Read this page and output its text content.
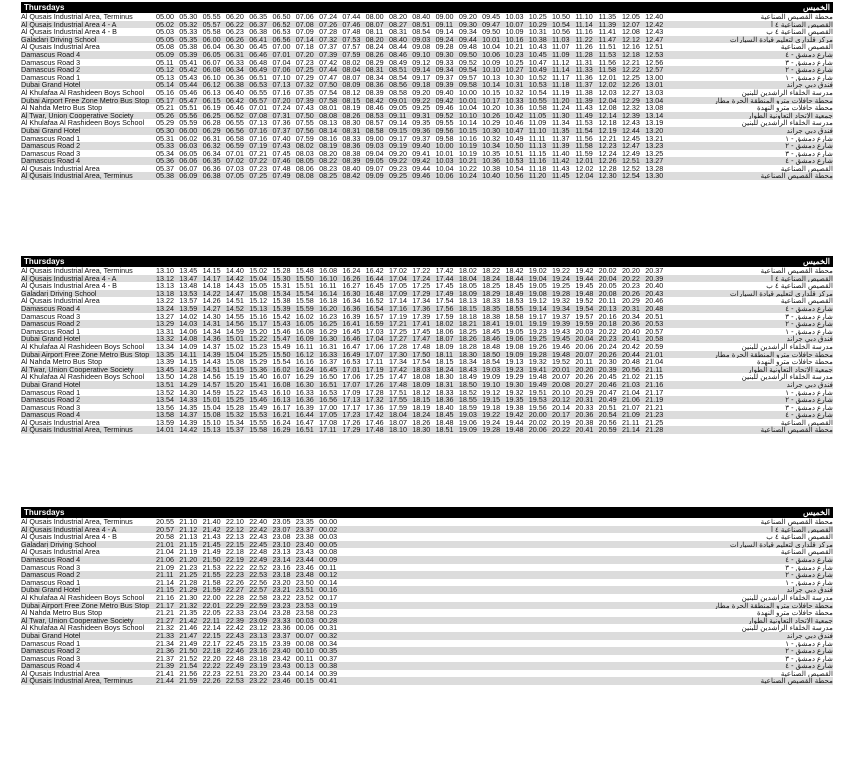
Thursdays	الخميس
Al Qusais Industrial Area, Terminus	05.00 05.30 05.55 06.20 06.35 06.50 07.06 07.24 07.44 08.00 08.20 08.40 09.00 09.20 09.45 10.03 10.25 10.50 11.10 11.35 12.05 12.40	محطة القصيص الصناعية
Al Qusais Industrial Area 4 - A	05.02 05.32 05.57 06.22 06.37 06.52 07.08 07.26 07.46 08.07 08.27 08.51 09.11 09.30 09.47 10.07 10.29 10.54 11.14 11.39 12.07 12.42	القصيص الصناعية ٤ أ
Al Qusais Industrial Area 4 - B	05.03 05.33 05.58 06.23 06.38 06.53 07.09 07.28 07.48 08.11 08.31 08.54 09.14 09.34 09.50 10.09 10.31 10.56 11.16 11.41 12.08 12.43	القصيص الصناعية ٤ ب
Galadari Driving School	05.05 05.35 06.00 06.26 06.41 06.56 07.14 07.32 07.53 08.20 08.40 09.03 09.24 09.44 10.01 10.16 10.38 11.03 11.22 11.47 12.12 12.47	مركز قلداري لتعليم قيادة السيارات
Al Qusais Industrial Area	05.08 05.38 06.04 06.30 06.45 07.00 07.18 07.37 07.57 08.24 08.44 09.08 09.28 09.48 10.04 10.21 10.43 11.07 11.26 11.51 12.16 12.51	القصيص الصناعية
Damascus Road 4	05.09 05.39 06.05 06.31 06.46 07.01 07.20 07.39 07.59 08.26 08.46 09.10 09.30 09.50 10.06 10.23 10.45 11.09 11.28 11.53 12.18 12.53	شارع دمشق - ٤
Damascus Road 3	05.11 05.41 06.07 06.33 06.48 07.04 07.23 07.42 08.02 08.29 08.49 09.12 09.33 09.52 10.09 10.25 10.47 11.12 11.31 11.56 12.21 12.56	شارع دمشق - ٣
Damascus Road 2	05.12 05.42 06.08 06.34 06.49 07.06 07.25 07.44 08.04 08.31 08.51 09.14 09.34 09.54 10.10 10.27 10.49 11.14 11.33 11.58 12.22 12.57	شارع دمشق - ٢
Damascus Road 1	05.13 05.43 06.10 06.36 06.51 07.10 07.29 07.47 08.07 08.34 08.54 09.17 09.37 09.57 10.13 10.30 10.52 11.17 11.36 12.01 12.25 13.00	شارع دمشق - ١
Dubai Grand Hotel	05.14 05.44 06.12 06.38 06.53 07.13 07.32 07.50 08.09 08.36 08.56 09.18 09.39 09.58 10.14 10.31 10.53 11.18 11.37 12.02 12.26 13.01	فندق دبي جراند
Al Khulafaa Al Rashideen Boys School	05.16 05.46 06.13 06.40 06.55 07.16 07.35 07.54 08.12 08.39 08.58 09.20 09.40 10.00 10.15 10.32 10.54 11.19 11.38 12.03 12.27 13.03	مدرسة الخلفاء الراشدين للبنين
Dubai Airport Free Zone Metro Bus Stop 05.17 05.47 06.15 06.42 06.57 07.20 07.39 07.58 08.15 08.42 09.01 09.22 09.42 10.01 10.17 10.33 10.55 11.20 11.39 12.04 12.29 13.04	محطة حافلات مترو المنطقة الحرة مطار
Al Nahda Metro Bus Stop	05.21 05.51 06.19 06.46 07.01 07.24 07.43 08.01 08.19 08.46 09.05 09.25 09.46 10.04 10.20 10.36 10.58 11.24 11.43 12.08 12.32 13.08	محطة حافلات مترو النهدة
Al Twar, Union Cooperative Society	05.26 05.56 06.25 06.52 07.08 07.31 07.50 08.08 08.26 08.53 09.11 09.31 09.52 10.10 10.26 10.42 11.05 11.30 11.49 12.14 12.39 13.14	جمعية الاتحاد التعاونية الطوار
Al Khulafaa Al Rashideen Boys School	05.29 05.59 06.28 06.55 07.13 07.36 07.55 08.13 08.30 08.57 09.14 09.35 09.55 10.14 10.29 10.46 11.09 11.34 11.53 12.18 12.43 13.19	مدرسة الخلفاء الراشدين للبنين
Dubai Grand Hotel	05.30 06.00 06.29 06.56 07.16 07.37 07.56 08.14 08.31 08.58 09.15 09.36 09.56 10.15 10.30 10.47 11.10 11.35 11.54 12.19 12.44 13.20	فندق دبي جراند
Damascus Road 1	05.31 06.02 06.31 06.58 07.16 07.40 07.59 08.16 08.33 09.00 09.17 09.37 09.58 10.16 10.32 10.49 11.11 11.37 11.56 12.21 12.45 13.21	شارع دمشق - ١
Damascus Road 2	05.33 06.03 06.32 06.59 07.19 07.43 08.02 08.19 08.36 09.03 09.19 09.40 10.00 10.19 10.34 10.50 11.13 11.39 11.58 12.23 12.47 13.23	شارع دمشق - ٢
Damascus Road 3	05.34 06.05 06.34 07.01 07.21 07.45 08.03 08.20 08.38 09.04 09.20 09.41 10.01 10.19 10.35 10.51 11.15 11.40 11.59 12.24 12.49 13.25	شارع دمشق - ٣
Damascus Road 4	05.36 06.06 06.35 07.02 07.22 07.46 08.05 08.22 08.39 09.05 09.22 09.42 10.03 10.21 10.36 10.53 11.16 11.42 12.01 12.26 12.51 13.27	شارع دمشق - ٤
Al Qusais Industrial Area	05.37 06.07 06.36 07.03 07.23 07.48 08.06 08.23 08.40 09.07 09.23 09.44 10.04 10.22 10.38 10.54 11.18 11.43 12.02 12.28 12.52 13.28	القصيص الصناعية
Al Qusais Industrial Area, Terminus	05.38 06.09 06.38 07.05 07.25 07.49 08.08 08.25 08.42 09.09 09.25 09.46 10.06 10.24 10.40 10.56 11.20 11.45 12.04 12.30 12.54 13.30	محطة القصيص الصناعية
Thursdays	الخميس
Al Qusais Industrial Area, Terminus	13.10 13.45 14.15 14.40 15.02 15.28 15.48 16.08 16.24 16.42 17.02 17.22 17.42 18.02 18.22 18.42 19.02 19.22 19.42 20.02 20.20 20.37	محطة القصيص الصناعية
Al Qusais Industrial Area 4 - A	13.12 13.47 14.17 14.42 15.04 15.30 15.50 16.10 16.26 16.44 17.04 17.24 17.44 18.04 18.24 18.44 19.04 19.24 19.44 20.04 20.22 20.39	القصيص الصناعية ٤ أ
Al Qusais Industrial Area 4 - B	13.13 13.48 14.18 14.43 15.05 15.31 15.51 16.11 16.27 16.45 17.05 17.25 17.45 18.05 18.25 18.45 19.05 19.25 19.45 20.05 20.23 20.40	القصيص الصناعية ٤ ب
Galadari Driving School	13.18 13.53 14.22 14.47 15.08 15.34 15.54 16.14 16.30 16.48 17.09 17.29 17.49 18.09 18.29 18.49 19.08 19.28 19.48 20.08 20.26 20.43	مركز قلداري لتعليم قيادة السيارات
Al Qusais Industrial Area	13.22 13.57 14.26 14.51 15.12 15.38 15.58 16.18 16.34 16.52 17.14 17.34 17.54 18.13 18.33 18.53 19.12 19.32 19.52 20.11 20.29 20.46	القصيص الصناعية
Damascus Road 4	13.24 13.59 14.27 14.52 15.13 15.39 15.59 16.20 16.36 16.54 17.16 17.36 17.56 18.15 18.35 18.55 19.14 19.34 19.54 20.13 20.31 20.48	شارع دمشق - ٤
Damascus Road 3	13.27 14.02 14.30 14.55 15.16 15.42 16.02 16.23 16.39 16.57 17.19 17.39 17.59 18.18 18.38 18.58 19.17 19.37 19.57 20.16 20.34 20.51	شارع دمشق - ٣
Damascus Road 2	13.29 14.03 14.31 14.56 15.17 15.43 16.05 16.25 16.41 16.59 17.21 17.41 18.02 18.21 18.41 19.01 19.19 19.39 19.59 20.18 20.36 20.53	شارع دمشق - ٢
Damascus Road 1	13.31 14.06 14.34 14.59 15.20 15.46 16.08 16.29 16.45 17.03 17.25 17.45 18.06 18.25 18.45 19.05 19.23 19.43 20.03 20.22 20.40 20.57	شارع دمشق - ١
Dubai Grand Hotel	13.32 14.08 14.36 15.01 15.22 15.47 16.09 16.30 16.46 17.04 17.27 17.47 18.07 18.26 18.46 19.06 19.25 19.45 20.04 20.23 20.41 20.58	فندق دبي جراند
Al Khulafaa Al Rashideen Boys School	13.34 14.09 14.37 15.02 15.23 15.49 16.11 16.31 16.47 17.06 17.28 17.48 18.09 18.28 18.48 19.08 19.26 19.46 20.06 20.24 20.42 20.59	مدرسة الخلفاء الراشدين للبنين
Dubai Airport Free Zone Metro Bus Stop 13.35 14.11 14.39 15.04 15.25 15.50 16.12 16.33 16.49 17.07 17.30 17.50 18.11 18.30 18.50 19.09 19.28 19.48 20.07 20.26 20.44 21.01	محطة حافلات مترو المنطقة الحرة مطار
Al Nahda Metro Bus Stop	13.39 14.15 14.43 15.08 15.29 15.54 16.16 16.37 16.53 17.11 17.34 17.54 18.15 18.34 18.54 19.13 19.32 19.52 20.11 20.30 20.48 21.04	محطة حافلات مترو النهدة
Al Twar, Union Cooperative Society	13.45 14.23 14.51 15.15 15.36 16.02 16.24 16.45 17.01 17.19 17.42 18.03 18.24 18.43 19.03 19.23 19.41 20.01 20.20 20.39 20.56 21.11	جمعية الاتحاد التعاونية الطوار
Al Khulafaa Al Rashideen Boys School	13.50 14.28 14.56 15.19 15.40 16.07 16.29 16.50 17.06 17.25 17.47 18.08 18.30 18.49 19.09 19.29 19.48 20.07 20.26 20.45 21.02 21.15	مدرسة الخلفاء الراشدين للبنين
Dubai Grand Hotel	13.51 14.29 14.57 15.20 15.41 16.08 16.30 16.51 17.07 17.26 17.48 18.09 18.31 18.50 19.10 19.30 19.49 20.08 20.27 20.46 21.03 21.16	فندق دبي جراند
Damascus Road 1	13.52 14.30 14.59 15.22 15.43 16.10 16.33 16.53 17.09 17.28 17.51 18.12 18.33 18.52 19.12 19.32 19.51 20.10 20.29 20.47 21.04 21.17	شارع دمشق - ١
Damascus Road 2	13.54 14.33 15.01 15.25 15.46 16.13 16.36 16.56 17.13 17.32 17.55 18.15 18.36 18.55 19.15 19.35 19.53 20.12 20.31 20.49 21.06 21.19	شارع دمشق - ٢
Damascus Road 3	13.56 14.35 15.04 15.28 15.49 16.17 16.39 17.00 17.17 17.36 17.59 18.19 18.40 18.59 19.18 19.38 19.56 20.14 20.33 20.51 21.07 21.21	شارع دمشق - ٣
Damascus Road 4	13.58 14.37 15.08 15.32 15.53 16.21 16.44 17.05 17.23 17.42 18.04 18.24 18.45 19.03 19.22 19.42 20.00 20.17 20.36 20.54 21.09 21.23	شارع دمشق - ٤
Al Qusais Industrial Area	13.59 14.39 15.10 15.34 15.55 16.24 16.47 17.08 17.26 17.46 18.07 18.26 18.48 19.06 19.24 19.44 20.02 20.19 20.38 20.56 21.11 21.25	القصيص الصناعية
Al Qusais Industrial Area, Terminus	14.01 14.42 15.13 15.37 15.58 16.29 16.51 17.11 17.29 17.48 18.10 18.30 18.51 19.09 19.28 19.48 20.06 20.22 20.41 20.59 21.14 21.28	محطة القصيص الصناعية
Thursdays	الخميس
Al Qusais Industrial Area, Terminus	20.55 21.10 21.40 22.10 22.40 23.05 23.35 00.00	محطة القصيص الصناعية
Al Qusais Industrial Area 4 - A	20.57 21.12 21.42 22.12 22.42 23.07 23.37 00.02	القصيص الصناعية ٤ أ
Al Qusais Industrial Area 4 - B	20.58 21.13 21.43 22.13 22.43 23.08 23.38 00.03	القصيص الصناعية ٤ ب
Galadari Driving School	21.01 21.15 21.45 22.15 22.45 23.10 23.40 00.05	مركز قلداري لتعليم قيادة السيارات
Al Qusais Industrial Area	21.04 21.19 21.49 22.18 22.48 23.13 23.43 00.08	القصيص الصناعية
Damascus Road 4	21.06 21.20 21.50 22.19 22.49 23.14 23.44 00.09	شارع دمشق - ٤
Damascus Road 3	21.09 21.23 21.53 22.22 22.52 23.16 23.46 00.11	شارع دمشق - ٣
Damascus Road 2	21.11 21.25 21.55 22.23 22.53 23.18 23.48 00.12	شارع دمشق - ٢
Damascus Road 1	21.14 21.28 21.58 22.26 22.56 23.20 23.50 00.14	شارع دمشق - ١
Dubai Grand Hotel	21.15 21.29 21.59 22.27 22.57 23.21 23.51 00.16	فندق دبي جراند
Al Khulafaa Al Rashideen Boys School	21.16 21.30 22.00 22.28 22.58 23.22 23.52 00.17	مدرسة الخلفاء الراشدين للبنين
Dubai Airport Free Zone Metro Bus Stop 21.17 21.32 22.01 22.29 22.59 23.23 23.53 00.19	محطة حافلات مترو المنطقة الحرة مطار
Al Nahda Metro Bus Stop	21.21 21.35 22.05 22.33 23.04 23.28 23.58 00.23	محطة حافلات مترو النهدة
Al Twar, Union Cooperative Society	21.27 21.42 22.11 22.39 23.09 23.33 00.03 00.28	جمعية الاتحاد التعاونية الطوار
Al Khulafaa Al Rashideen Boys School	21.32 21.46 22.14 22.42 23.12 23.36 00.06 00.31	مدرسة الخلفاء الراشدين للبنين
Dubai Grand Hotel	21.33 21.47 22.15 22.43 23.13 23.37 00.07 00.32	فندق دبي جراند
Damascus Road 1	21.34 21.49 22.17 22.45 23.15 23.39 00.08 00.34	شارع دمشق - ١
Damascus Road 2	21.36 21.50 22.18 22.46 23.16 23.40 00.10 00.35	شارع دمشق - ٢
Damascus Road 3	21.37 21.52 22.20 22.48 23.18 23.42 00.11 00.37	شارع دمشق - ٣
Damascus Road 4	21.39 21.54 22.22 22.49 23.19 23.43 00.13 00.38	شارع دمشق - ٤
Al Qusais Industrial Area	21.41 21.56 22.23 22.51 23.20 23.44 00.14 00.39	القصيص الصناعية
Al Qusais Industrial Area, Terminus	21.44 21.59 22.26 22.53 23.22 23.46 00.15 00.41	محطة القصيص الصناعية
